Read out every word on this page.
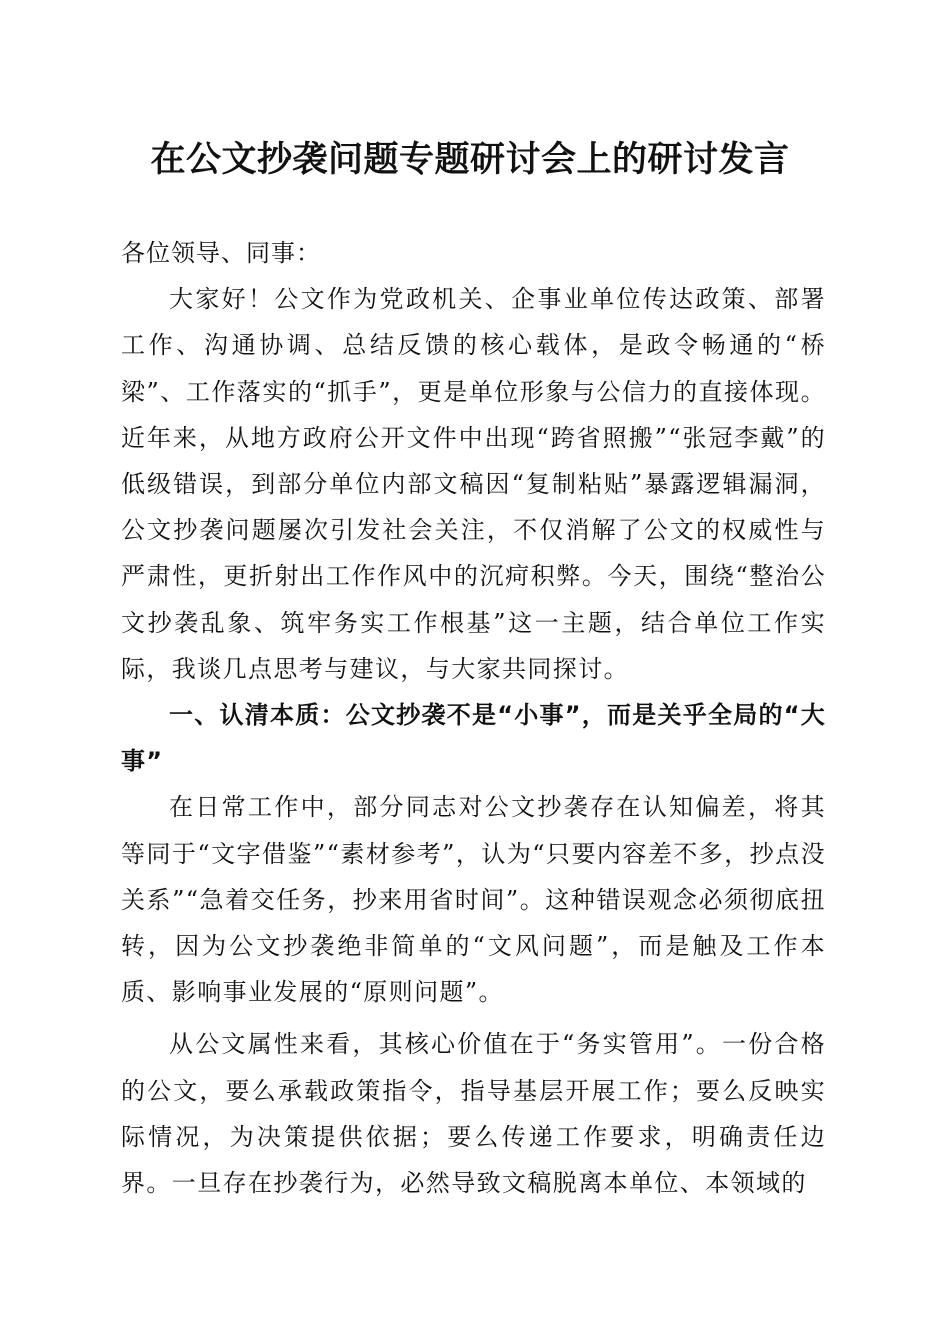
在公文抄袭问题专题研讨会上的研讨发言

各位领导、同事：

大家好！公文作为党政机关、企事业单位传达政策、部署工作、沟通协调、总结反馈的核心载体，是政令畅通的“桥梁”、工作落实的“抓手”，更是单位形象与公信力的直接体现。近年来，从地方政府公开文件中出现“跨省照搬”“张冠李戴”的低级错误，到部分单位内部文稿因“复制粘贴”暴露逻辑漏洞，公文抄袭问题屡次引发社会关注，不仅消解了公文的权威性与严肃性，更折射出工作作风中的沉疴积弊。今天，围绕“整治公文抄袭乱象、筑牢务实工作根基”这一主题，结合单位工作实际，我谈几点思考与建议，与大家共同探讨。

一、认清本质：公文抄袭不是“小事”，而是关乎全局的“大事”

在日常工作中，部分同志对公文抄袭存在认知偏差，将其等同于“文字借鉴”“素材参考”，认为“只要内容差不多，抄点没关系”“急着交任务，抄来用省时间”。这种错误观念必须彻底扭转，因为公文抄袭绝非简单的“文风问题”，而是触及工作本质、影响事业发展的“原则问题”。

从公文属性来看，其核心价值在于“务实管用”。一份合格的公文，要么承载政策指令，指导基层开展工作；要么反映实际情况，为决策提供依据；要么传递工作要求，明确责任边界。一旦存在抄袭行为，必然导致文稿脱离本单位、本领域的
